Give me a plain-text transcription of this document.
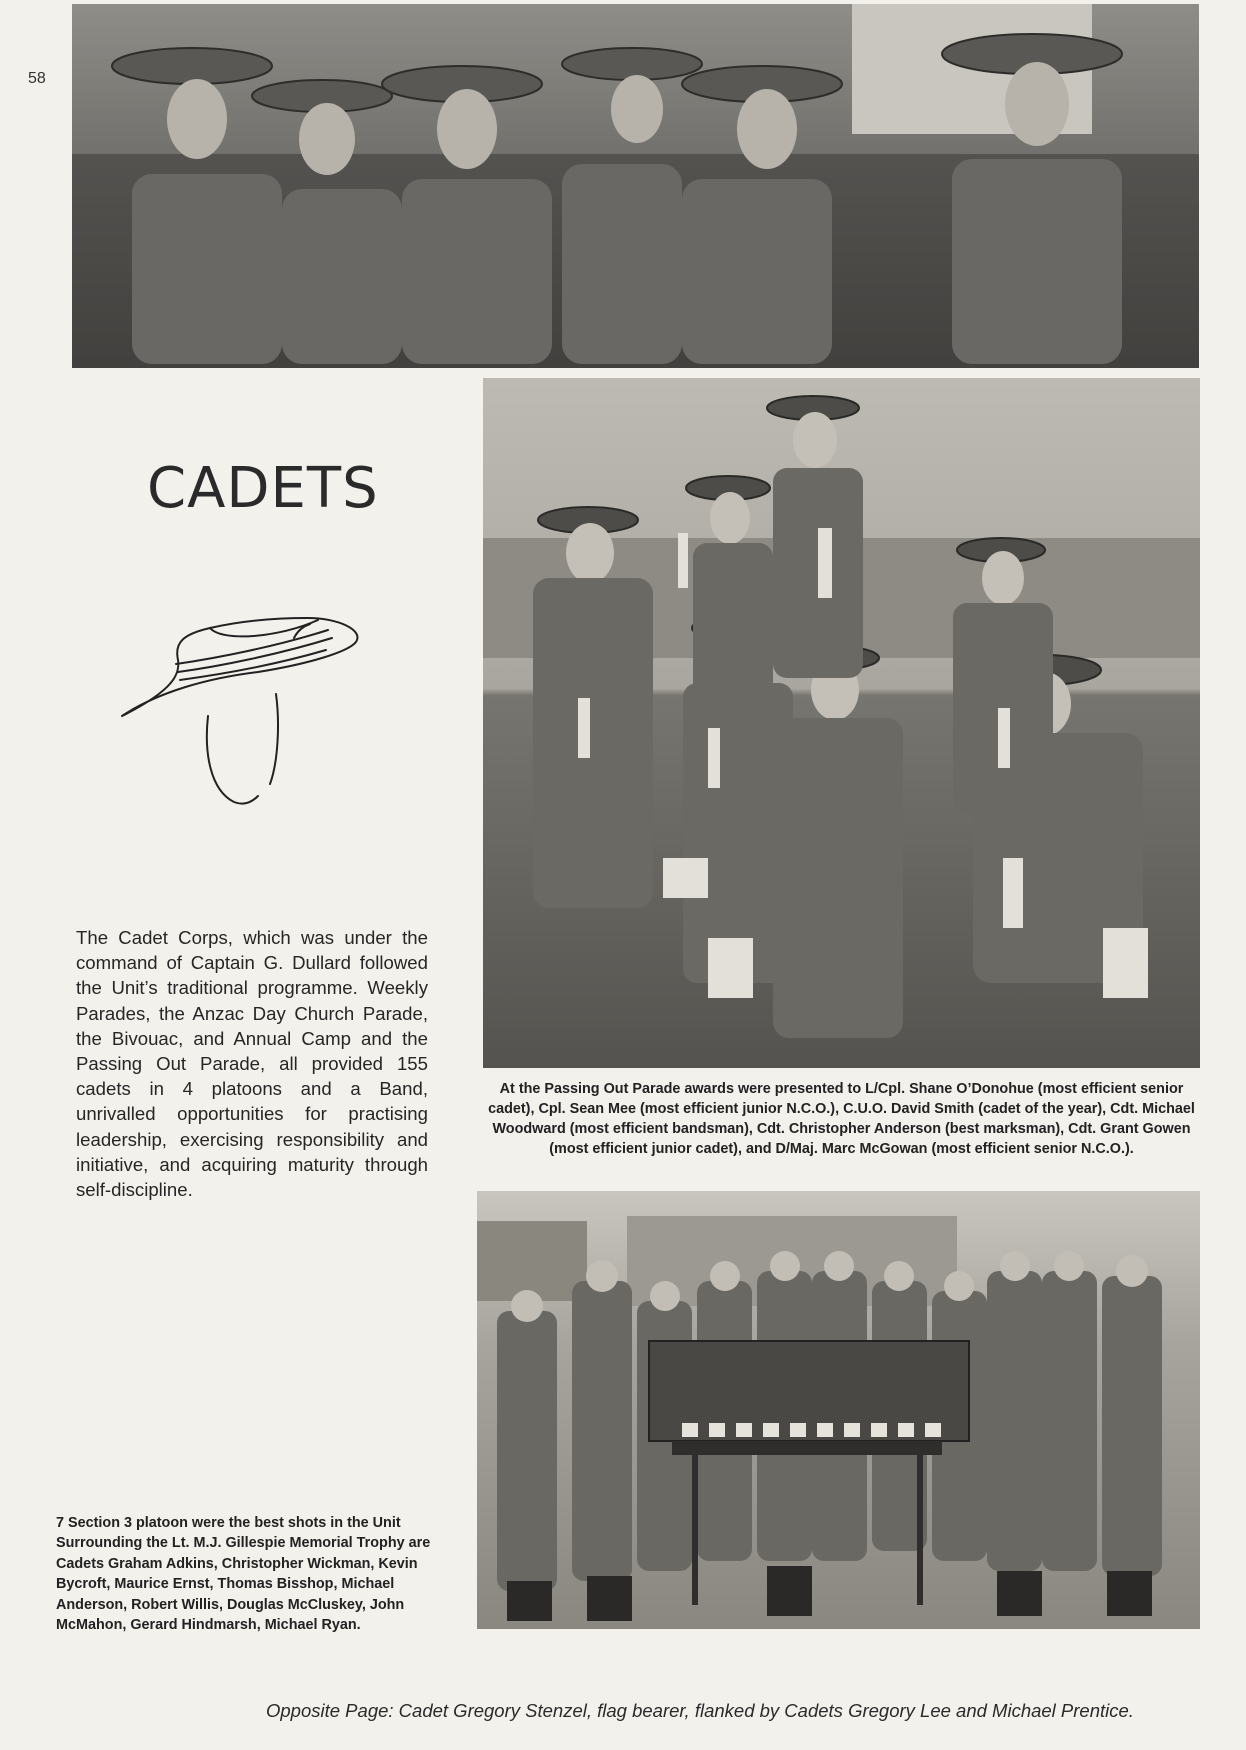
58
CADETS

The Cadet Corps, which was under the command of Captain G. Dullard followed the Unit’s traditional programme. Weekly Parades, the Anzac Day Church Parade, the Bivouac, and Annual Camp and the Passing Out Parade, all provided 155 cadets in 4 platoons and a Band, unrivalled opportunities for practising leadership, exercising responsibility and initiative, and acquiring maturity through self-discipline.

At the Passing Out Parade awards were presented to L/Cpl. Shane O’Donohue (most efficient senior cadet), Cpl. Sean Mee (most efficient junior N.C.O.), C.U.O. David Smith (cadet of the year), Cdt. Michael Woodward (most efficient bandsman), Cdt. Christopher Anderson (best marksman), Cdt. Grant Gowen (most efficient junior cadet), and D/Maj. Marc McGowan (most efficient senior N.C.O.).

7 Section 3 platoon were the best shots in the Unit Surrounding the Lt. M.J. Gillespie Memorial Trophy are Cadets Graham Adkins, Christopher Wickman, Kevin Bycroft, Maurice Ernst, Thomas Bisshop, Michael Anderson, Robert Willis, Douglas McCluskey, John McMahon, Gerard Hindmarsh, Michael Ryan.

Opposite Page: Cadet Gregory Stenzel, flag bearer, flanked by Cadets Gregory Lee and Michael Prentice.
